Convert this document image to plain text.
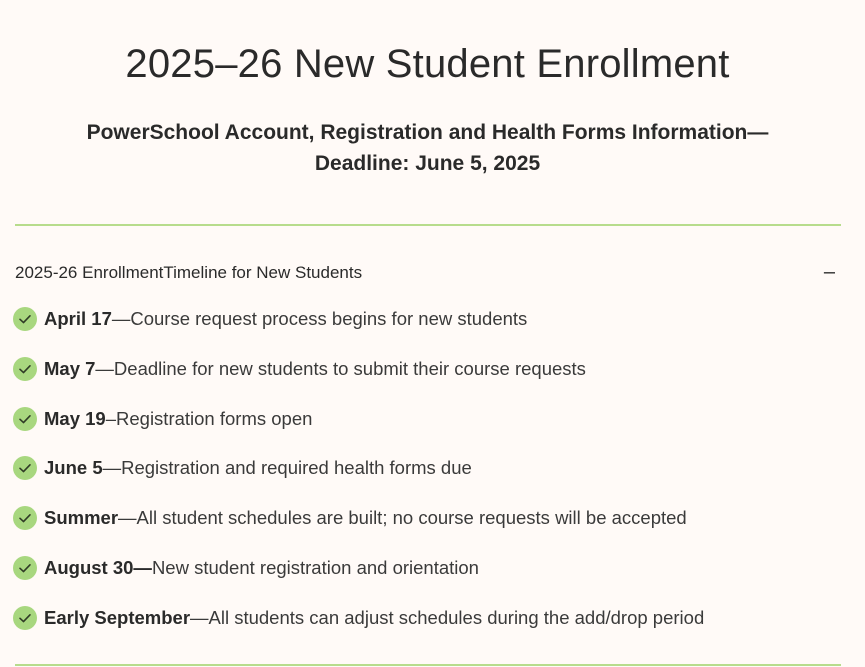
2025–26 New Student Enrollment
PowerSchool Account, Registration and Health Forms Information—
Deadline: June 5, 2025
2025-26 EnrollmentTimeline for New Students	–
April 17—Course request process begins for new students
May 7—Deadline for new students to submit their course requests
May 19–Registration forms open
June 5—Registration and required health forms due
Summer—All student schedules are built; no course requests will be accepted
August 30—New student registration and orientation
Early September—All students can adjust schedules during the add/drop period
